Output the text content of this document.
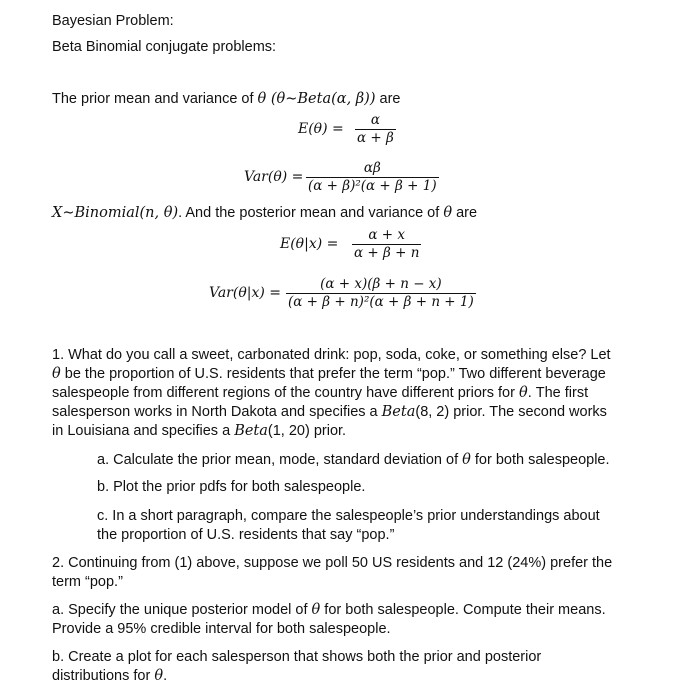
Bayesian Problem:
Beta Binomial conjugate problems:
The prior mean and variance of θ (θ∼Beta(α, β)) are
E(θ) =
α
α + β
Var(θ) =
αβ
(α + β)²(α + β + 1)
X∼Binomial(n, θ). And the posterior mean and variance of θ are
E(θ|x) =
α + x
α + β + n
Var(θ|x) =
(α + x)(β + n − x)
(α + β + n)²(α + β + n + 1)
1. What do you call a sweet, carbonated drink: pop, soda, coke, or something else? Let
θ be the proportion of U.S. residents that prefer the term “pop.” Two different beverage
salespeople from different regions of the country have different priors for θ. The first
salesperson works in North Dakota and specifies a Beta(8, 2) prior. The second works
in Louisiana and specifies a Beta(1, 20) prior.
a. Calculate the prior mean, mode, standard deviation of θ for both salespeople.
b. Plot the prior pdfs for both salespeople.
c. In a short paragraph, compare the salespeople’s prior understandings about
the proportion of U.S. residents that say “pop.”
2. Continuing from (1) above, suppose we poll 50 US residents and 12 (24%) prefer the
term “pop.”
a. Specify the unique posterior model of θ for both salespeople. Compute their means.
Provide a 95% credible interval for both salespeople.
b. Create a plot for each salesperson that shows both the prior and posterior
distributions for θ.
